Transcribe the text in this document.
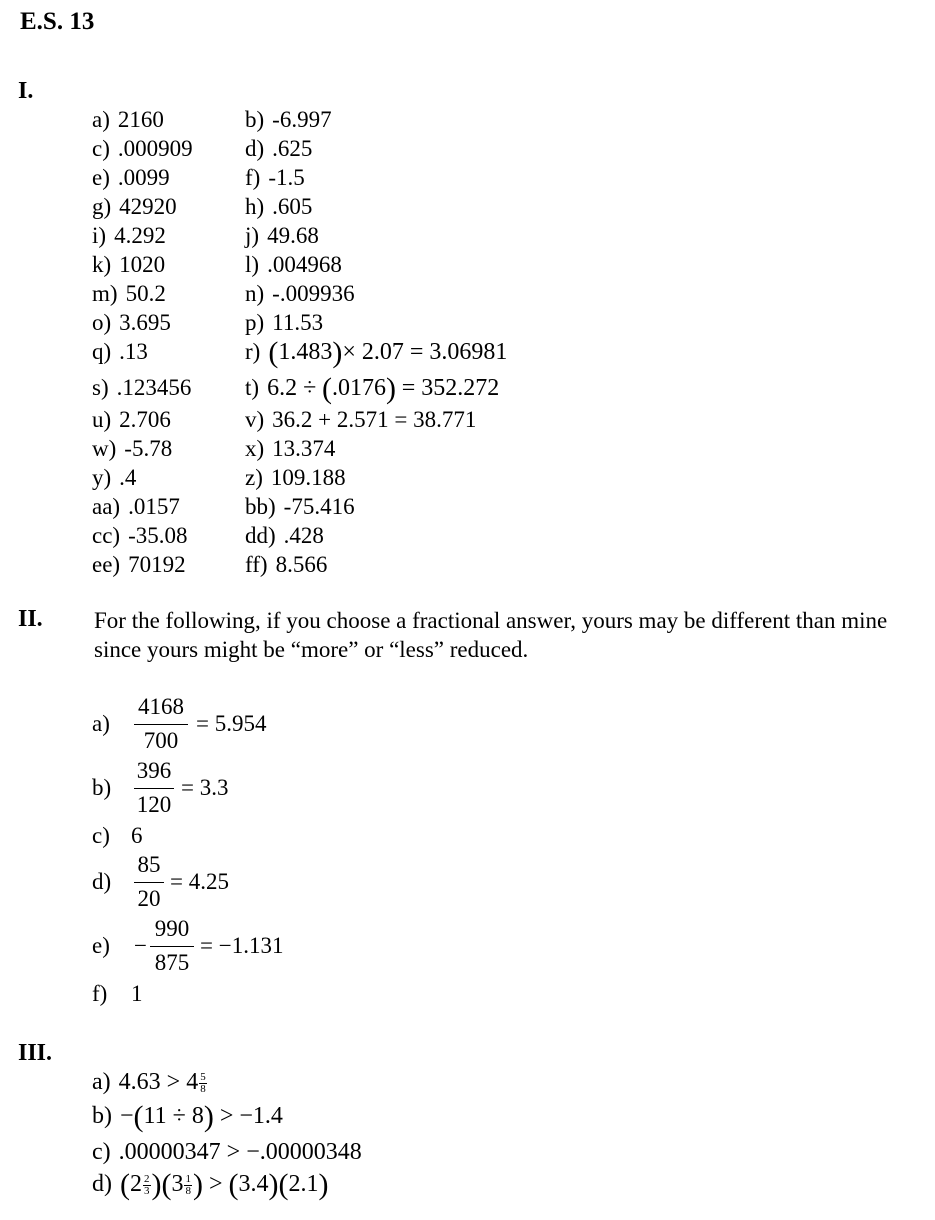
E.S. 13
I.
a) 2160	b) -6.997
c) .000909 d) .625
e) .0099	f) -1.5
g) 42920	h) .605
i) 4.292	j) 49.68
k) 1020	l) .004968
m) 50.2	n) -.009936
o) 3.695	p) 11.53
q) .13	r) (1.483)× 2.07 = 3.06981
s) .123456 t) 6.2 ÷ (.0176) = 352.272
u) 2.706	v) 36.2 + 2.571 = 38.771
w) -5.78	x) 13.374
y) .4	z) 109.188
aa) .0157	bb) -75.416
cc) -35.08	dd) .428
ee) 70192	ff) 8.566
II. For the following, if you choose a fractional answer, yours may be different than mine since yours might be “more” or “less” reduced.
a)
4168
700
= 5.954
b)
396
120
= 3.3
c) 6
d)
85
20
= 4.25
e) −
990
875
= −1.131
f) 1
III.
a) $4.63 > 4 \frac{5}{8}$
b) −(11 ÷ 8) > −1.4
c) .00000347 > −.00000348
d) $(2 \frac{2}{3} )(3 \frac{1}{8}$ ) > (3.4)(2.1)
